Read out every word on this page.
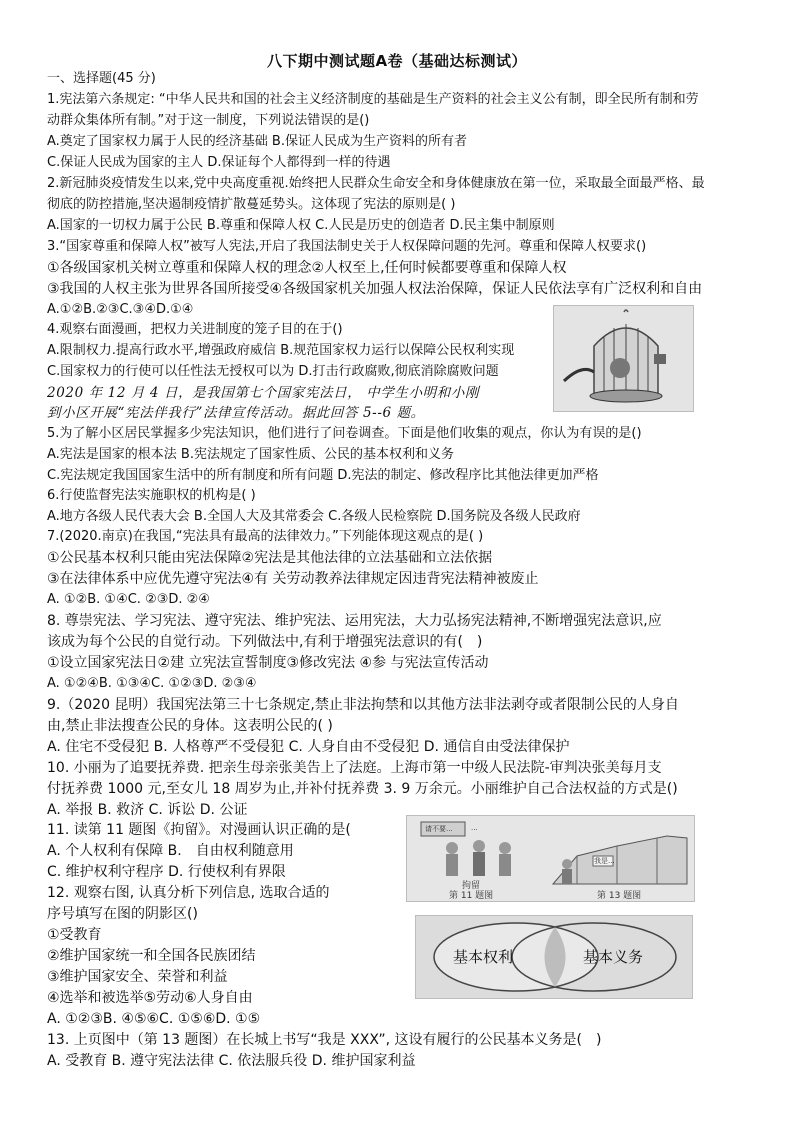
八下期中测试题A卷（基础达标测试）
一、选择题(45 分)
1.宪法第六条规定: “中华人民共和国的社会主义经济制度的基础是生产资料的社会主义公有制，即全民所有制和劳
动群众集体所有制。”对于这一制度，下列说法错误的是()
A.奠定了国家权力属于人民的经济基础 B.保证人民成为生产资料的所有者
C.保证人民成为国家的主人 D.保证每个人都得到一样的待遇
2.新冠肺炎疫情发生以来,党中央高度重视.始终把人民群众生命安全和身体健康放在第一位，采取最全面最严格、最
彻底的防控措施,坚决遏制疫情扩散蔓延势头。这体现了宪法的原则是( )
A.国家的一切权力属于公民 B.尊重和保障人权 C.人民是历史的创造者 D.民主集中制原则
3.“国家尊重和保障人权”被写人宪法,开启了我国法制史关于人权保障问题的先河。尊重和保障人权要求()
①各级国家机关树立尊重和保障人权的理念②人权至上,任何时候都要尊重和保障人权
③我国的人权主张为世界各国所接受④各级国家机关加强人权法治保障，保证人民依法享有广泛权利和自由
A.①②B.②③C.③④D.①④
4.观察右面漫画，把权力关进制度的笼子目的在于()
A.限制权力.提高行政水平,增强政府威信 B.规范国家权力运行以保障公民权利实现
C.国家权力的行使可以任性法无授权可以为 D.打击行政腐败,彻底消除腐败问题
2020 年 12 月 4 日，是我国第七个国家宪法日， 中学生小明和小刚
到小区开展“宪法伴我行”法律宣传活动。据此回答 5--6 题。
5.为了解小区居民掌握多少宪法知识，他们进行了问卷调查。下面是他们收集的观点，你认为有误的是()
A.宪法是国家的根本法 B.宪法规定了国家性质、公民的基本权利和义务
C.宪法规定我国国家生活中的所有制度和所有问题 D.宪法的制定、修改程序比其他法律更加严格
6.行使监督宪法实施职权的机构是( )
A.地方各级人民代表大会 B.全国人大及其常委会 C.各级人民检察院 D.国务院及各级人民政府
7.(2020.南京)在我国,“宪法具有最高的法律效力。”下列能体现这观点的是( )
①公民基本权利只能由宪法保障②宪法是其他法律的立法基础和立法依据
③在法律体系中应优先遵守宪法④有 关劳动教养法律规定因违背宪法精神被废止
A. ①②B. ①④C. ②③D. ②④
8. 尊崇宪法、学习宪法、遵守宪法、维护宪法、运用宪法，大力弘扬宪法精神,不断增强宪法意识,应
该成为每个公民的自觉行动。下列做法中,有利于增强宪法意识的有(　)
①设立国家宪法日②建 立宪法宣誓制度③修改宪法 ④参 与宪法宣传活动
A. ①②④B. ①③④C. ①②③D. ②③④
9.（2020 昆明）我国宪法第三十七条规定,禁止非法拘禁和以其他方法非法剥夺或者限制公民的人身自
由,禁止非法搜查公民的身体。这表明公民的( )
A. 住宅不受侵犯 B. 人格尊严不受侵犯 C. 人身自由不受侵犯 D. 通信自由受法律保护
10. 小丽为了追要抚养费. 把亲生母亲张美告上了法庭。上海市第一中级人民法院-审判决张美每月支
付抚养费 1000 元,至女儿 18 周岁为止,并补付抚养费 3. 9 万余元。小丽维护自己合法权益的方式是()
A. 举报 B. 救济 C. 诉讼 D. 公证
11. 读第 11 题图《拘留》。对漫画认识正确的是(
A. 个人权利有保障 B.　自由权利随意用
C. 维护权利守程序 D. 行使权利有界限
12. 观察右图, 认真分析下列信息, 选取合适的
序号填写在图的阴影区()
①受教育
②维护国家统一和全国各民族团结
③维护国家安全、荣誉和利益
④选举和被选举⑤劳动⑥人身自由
A. ①②③B. ④⑤⑥C. ①⑤⑥D. ①⑤
13. 上页图中（第 13 题图）在长城上书写“我是 XXX”, 这设有履行的公民基本义务是(　)
A. 受教育 B. 遵守宪法法律 C. 依法服兵役 D. 维护国家利益
请不要...	...
我是...
拘留
第 11 题图	第 13 题图
基本权利	基本义务
